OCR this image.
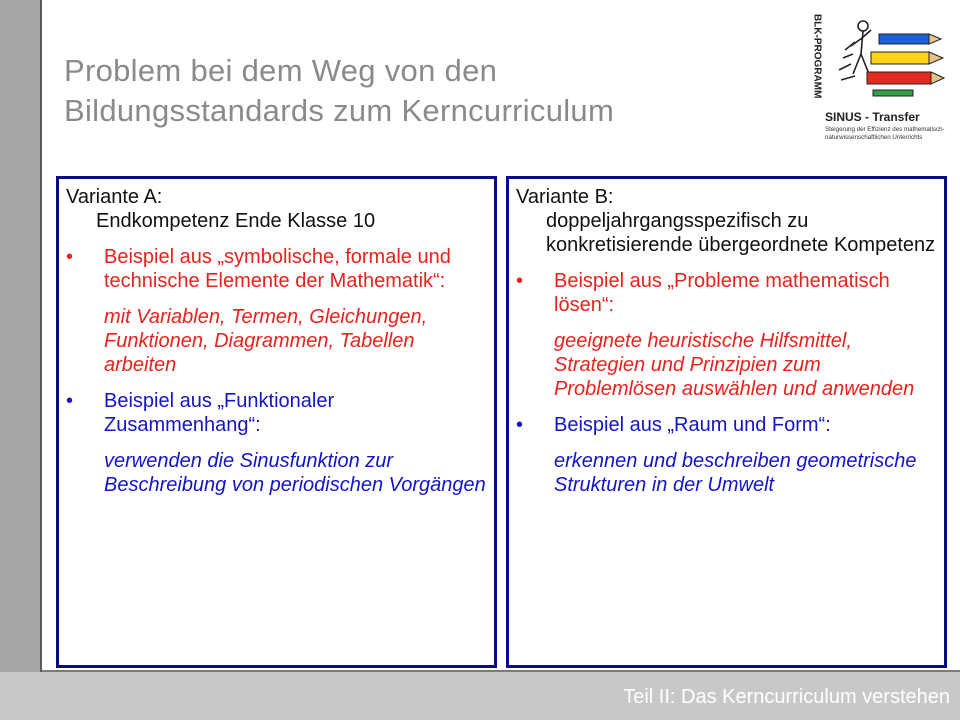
Teil II: Das Kerncurriculum verstehen
Problem bei dem Weg von den
Bildungsstandards zum Kerncurriculum
BLK-PROGRAMM
SINUS - Transfer
Steigerung der Effizienz des mathematisch-naturwissenschaftlichen Unterrichts

Variante A:

Endkompetenz Ende Klasse 10

• Beispiel aus „symbolische, formale und technische Elemente der Mathematik“:

mit Variablen, Termen, Gleichungen, Funktionen, Diagrammen, Tabellen arbeiten

• Beispiel aus „Funktionaler Zusammenhang“:

verwenden die Sinusfunktion zur Beschreibung von periodischen Vorgängen

Variante B:

doppeljahrgangsspezifisch zu konkretisierende übergeordnete Kompetenz

• Beispiel aus „Probleme mathematisch lösen“:

geeignete heuristische Hilfsmittel, Strategien und Prinzipien zum Problemlösen auswählen und anwenden

• Beispiel aus „Raum und Form“:

erkennen und beschreiben geometrische Strukturen in der Umwelt
